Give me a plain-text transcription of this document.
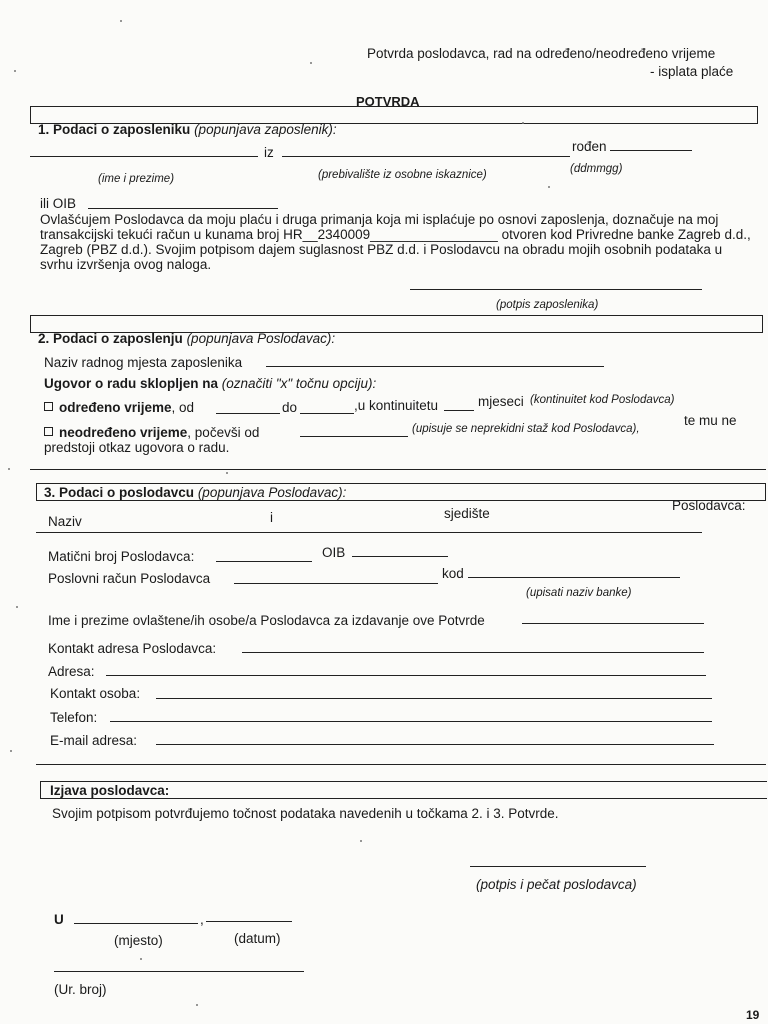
Potvrda poslodavca, rad na određeno/neodređeno vrijeme
- isplata plaće
POTVRDA
1. Podaci o zaposleniku (popunjava zaposlenik):
iz	rođen
(ime i prezime)	(prebivalište iz osobne iskaznice)	(ddmmgg)
ili OIB
Ovlašćujem Poslodavca da moju plaću i druga primanja koja mi isplaćuje po osnovi zaposlenja, doznačuje na moj transakcijski tekući račun u kunama broj HR__2340009_________________ otvoren kod Privredne banke Zagreb d.d., Zagreb (PBZ d.d.). Svojim potpisom dajem suglasnost PBZ d.d. i Poslodavcu na obradu mojih osobnih podataka u svrhu izvršenja ovog naloga.
(potpis zaposlenika)
2. Podaci o zaposlenju (popunjava Poslodavac):
Naziv radnog mjesta zaposlenika
Ugovor o radu sklopljen na (označiti "x" točnu opciju):
određeno vrijeme, od	do	,u kontinuitetu	mjeseci (kontinuitet kod Poslodavca)
neodređeno vrijeme, počevši od	(upisuje se neprekidni staž kod Poslodavca),
te mu ne
predstoji otkaz ugovora o radu.
3. Podaci o poslodavcu (popunjava Poslodavac):
Naziv	i	sjedište
Poslodavca:
Matični broj Poslodavca:	OIB
Poslovni račun Poslodavca	kod
(upisati naziv banke)
Ime i prezime ovlaštene/ih osobe/a Poslodavca za izdavanje ove Potvrde
Kontakt adresa Poslodavca:
Adresa:
Kontakt osoba:
Telefon:
E-mail adresa:
Izjava poslodavca:
Svojim potpisom potvrđujemo točnost podataka navedenih u točkama 2. i 3. Potvrde.
(potpis i pečat poslodavca)
U	,
(mjesto)	(datum)
(Ur. broj)
19
